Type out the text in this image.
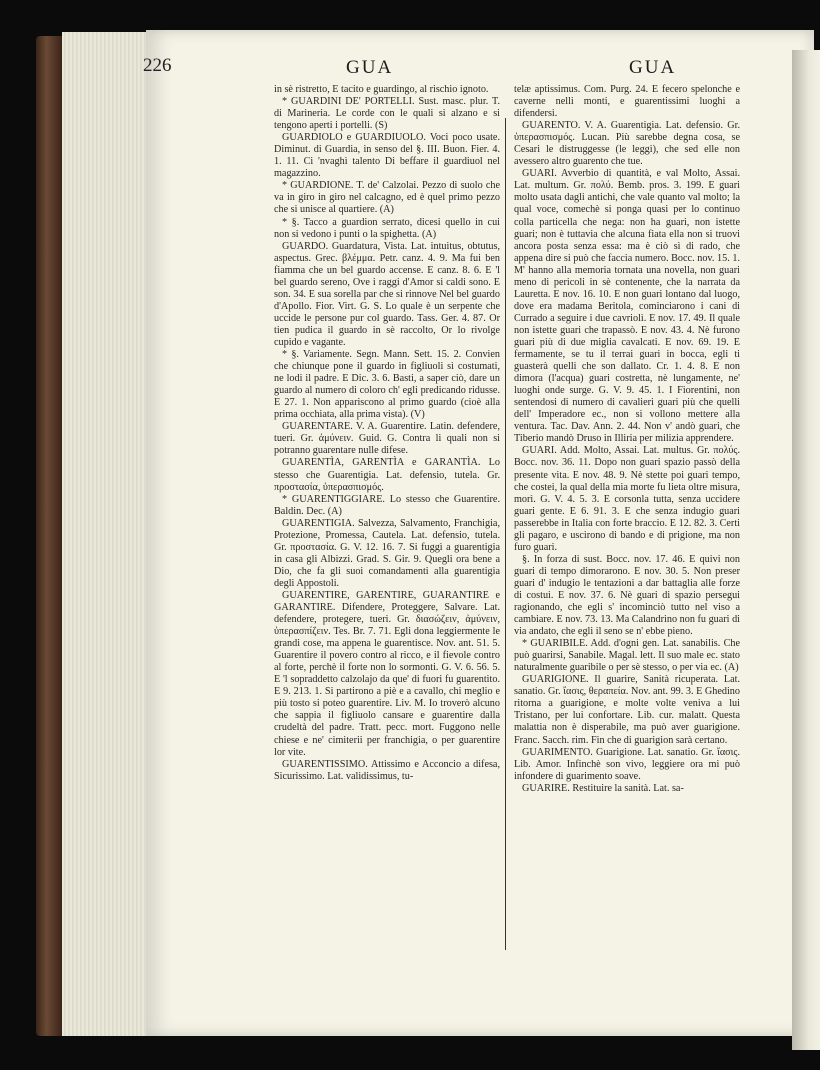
226	GUA	GUA

in sè ristretto, E tacito e guardingo, al rischio ignoto.

* GUARDINI DE' PORTELLI. Sust. masc. plur. T. di Marineria. Le corde con le quali si alzano e si tengono aperti i portelli. (S)

GUARDIOLO e GUARDIUOLO. Voci poco usate. Diminut. di Guardia, in senso del §. III. Buon. Fier. 4. 1. 11. Ci 'nvaghì talento Di beffare il guardiuol nel magazzino.

* GUARDIONE. T. de' Calzolai. Pezzo di suolo che va in giro in giro nel calcagno, ed è quel primo pezzo che si unisce al quartiere. (A)

* §. Tacco a guardion serrato, dicesi quello in cui non si vedono i punti o la spighetta. (A)

GUARDO. Guardatura, Vista. Lat. intuitus, obtutus, aspectus. Grec. βλέμμα. Petr. canz. 4. 9. Ma fui ben fiamma che un bel guardo accense. E canz. 8. 6. E 'l bel guardo sereno, Ove i raggi d'Amor si caldi sono. E son. 34. E sua sorella par che si rinnove Nel bel guardo d'Apollo. Fior. Virt. G. S. Lo quale è un serpente che uccide le persone pur col guardo. Tass. Ger. 4. 87. Or tien pudica il guardo in sè raccolto, Or lo rivolge cupido e vagante.

* §. Variamente. Segn. Mann. Sett. 15. 2. Convien che chiunque pone il guardo in figliuoli sì costumati, ne lodi il padre. E Dic. 3. 6. Basti, a saper ciò, dare un guardo al numero di coloro ch' egli predicando ridusse. E 27. 1. Non appariscono al primo guardo (cioè alla prima occhiata, alla prima vista). (V)

GUARENTARE. V. A. Guarentire. Latin. defendere, tueri. Gr. ἀμύνειν. Guid. G. Contra li quali non si potranno guarentare nulle difese.

GUARENTÌA, GARENTÌA e GARANTÌA. Lo stesso che Guarentigia. Lat. defensio, tutela. Gr. προστασία, ὑπερασπισμός.

* GUARENTIGGIARE. Lo stesso che Guarentire. Baldin. Dec. (A)

GUARENTIGIA. Salvezza, Salvamento, Franchigia, Protezione, Promessa, Cautela. Lat. defensio, tutela. Gr. προστασία. G. V. 12. 16. 7. Si fuggì a guarentigia in casa gli Albizzi. Grad. S. Gir. 9. Quegli ora bene a Dio, che fa gli suoi comandamenti alla guarentigia degli Appostoli.

GUARENTIRE, GARENTIRE, GUARANTIRE e GARANTIRE. Difendere, Proteggere, Salvare. Lat. defendere, protegere, tueri. Gr. διασώζειν, ἀμύνειν, ὑπερασπίζειν. Tes. Br. 7. 71. Egli dona leggiermente le grandi cose, ma appena le guarentisce. Nov. ant. 51. 5. Guarentire il povero contro al ricco, e il fievole contro al forte, perchè il forte non lo sormonti. G. V. 6. 56. 5. E 'l sopraddetto calzolajo da que' di fuori fu guarentito. E 9. 213. 1. Si partirono a piè e a cavallo, chi meglio e più tosto si poteo guarentire. Liv. M. Io troverò alcuno che sappia il figliuolo cansare e guarentire dalla crudeltà del padre. Tratt. pecc. mort. Fuggono nelle chiese e ne' cimiterii per franchigia, o per guarentire lor vite.

GUARENTISSIMO. Attissimo e Acconcio a difesa, Sicurissimo. Lat. validissimus, tu-

telæ aptissimus. Com. Purg. 24. E fecero spelonche e caverne nelli monti, e guarentissimi luoghi a difendersi.

GUARENTO. V. A. Guarentigia. Lat. defensio. Gr. ὑπερασπισμός. Lucan. Più sarebbe degna cosa, se Cesari le distruggesse (le leggi), che sed elle non avessero altro guarento che tue.

GUARI. Avverbio di quantità, e val Molto, Assai. Lat. multum. Gr. πολύ. Bemb. pros. 3. 199. E guari molto usata dagli antichi, che vale quanto val molto; la qual voce, comechè si ponga quasi per lo continuo colla particella che nega: non ha guari, non istette guari; non è tuttavia che alcuna fiata ella non si truovi ancora posta senza essa: ma è ciò sì di rado, che appena dire si può che faccia numero. Bocc. nov. 15. 1. M' hanno alla memoria tornata una novella, non guari meno di pericoli in sè contenente, che la narrata da Lauretta. E nov. 16. 10. E non guari lontano dal luogo, dove era madama Beritola, cominciarono i cani di Currado a seguire i due cavriolì. E nov. 17. 49. Il quale non istette guari che trapassò. E nov. 43. 4. Nè furono guari più di due miglia cavalcati. E nov. 69. 19. E fermamente, se tu il terrai guari in bocca, egli ti guasterà quelli che son dallato. Cr. 1. 4. 8. E non dimora (l'acqua) guari costretta, nè lungamente, ne' luoghi onde surge. G. V. 9. 45. 1. I Fiorentini, non sentendosi di numero di cavalieri guari più che quelli dell' Imperadore ec., non si vollono mettere alla ventura. Tac. Dav. Ann. 2. 44. Non v' andò guari, che Tiberio mandò Druso in Illiria per milizia apprendere.

GUARI. Add. Molto, Assai. Lat. multus. Gr. πολύς. Bocc. nov. 36. 11. Dopo non guari spazio passò della presente vita. E nov. 48. 9. Nè stette poi guari tempo, che costei, la qual della mia morte fu lieta oltre misura, morì. G. V. 4. 5. 3. E corsonla tutta, senza uccidere guari gente. E 6. 91. 3. E che senza indugio guari passerebbe in Italia con forte braccio. E 12. 82. 3. Certi gli pagaro, e uscirono di bando e di prigione, ma non furo guari.

§. In forza di sust. Bocc. nov. 17. 46. E quivi non guari di tempo dimorarono. E nov. 30. 5. Non preser guari d' indugio le tentazioni a dar battaglia alle forze di costui. E nov. 37. 6. Nè guari di spazio persegui ragionando, che egli s' incominciò tutto nel viso a cambiare. E nov. 73. 13. Ma Calandrino non fu guari di via andato, che egli il seno se n' ebbe pieno.

* GUARIBILE. Add. d'ogni gen. Lat. sanabilis. Che può guarirsi, Sanabile. Magal. lett. Il suo male ec. stato naturalmente guaribile o per sè stesso, o per via ec. (A)

GUARIGIONE. Il guarire, Sanità ricuperata. Lat. sanatio. Gr. ἴασις, θεραπεία. Nov. ant. 99. 3. E Ghedino ritorna a guarigione, e molte volte veniva a lui Tristano, per lui confortare. Lib. cur. malatt. Questa malattia non è disperabile, ma può aver guarigione. Franc. Sacch. rim. Fin che di guarigion sarà certano.

GUARIMENTO. Guarigione. Lat. sanatio. Gr. ἴασις. Lib. Amor. Infinchè son vivo, leggiere ora mi può infondere di guarimento soave.

GUARIRE. Restituire la sanità. Lat. sa-
